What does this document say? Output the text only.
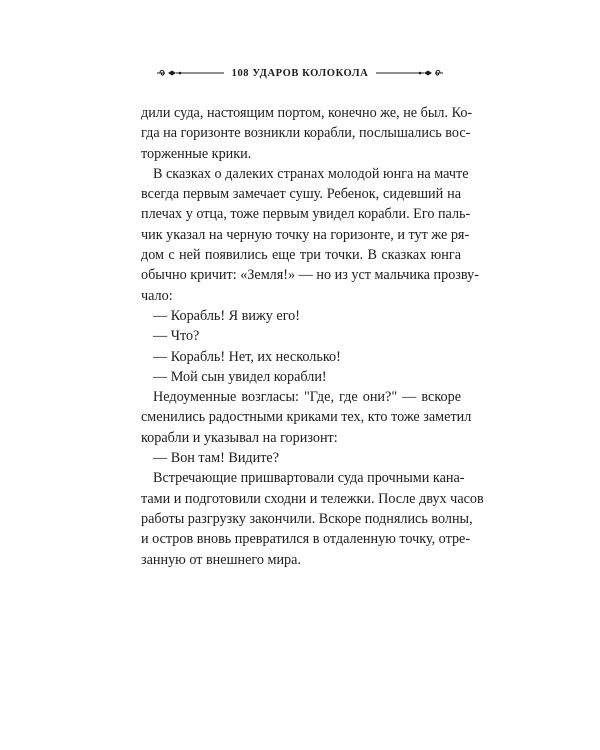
108 УДАРОВ КОЛОКОЛА
дили суда, настоящим портом, конечно же, не был. Ко-
гда на горизонте возникли корабли, послышались вос-
торженные крики.
В сказках о далеких странах молодой юнга на мачте
всегда первым замечает сушу. Ребенок, сидевший на
плечах у отца, тоже первым увидел корабли. Его паль-
чик указал на черную точку на горизонте, и тут же ря-
дом с ней появились еще три точки. В сказках юнга
обычно кричит: «Земля!» — но из уст мальчика прозву-
чало:
— Корабль! Я вижу его!
— Что?
— Корабль! Нет, их несколько!
— Мой сын увидел корабли!
Недоуменные возгласы: "Где, где они?" — вскоре
сменились радостными криками тех, кто тоже заметил
корабли и указывал на горизонт:
— Вон там! Видите?
Встречающие пришвартовали суда прочными кана-
тами и подготовили сходни и тележки. После двух часов
работы разгрузку закончили. Вскоре поднялись волны,
и остров вновь превратился в отдаленную точку, отре-
занную от внешнего мира.
